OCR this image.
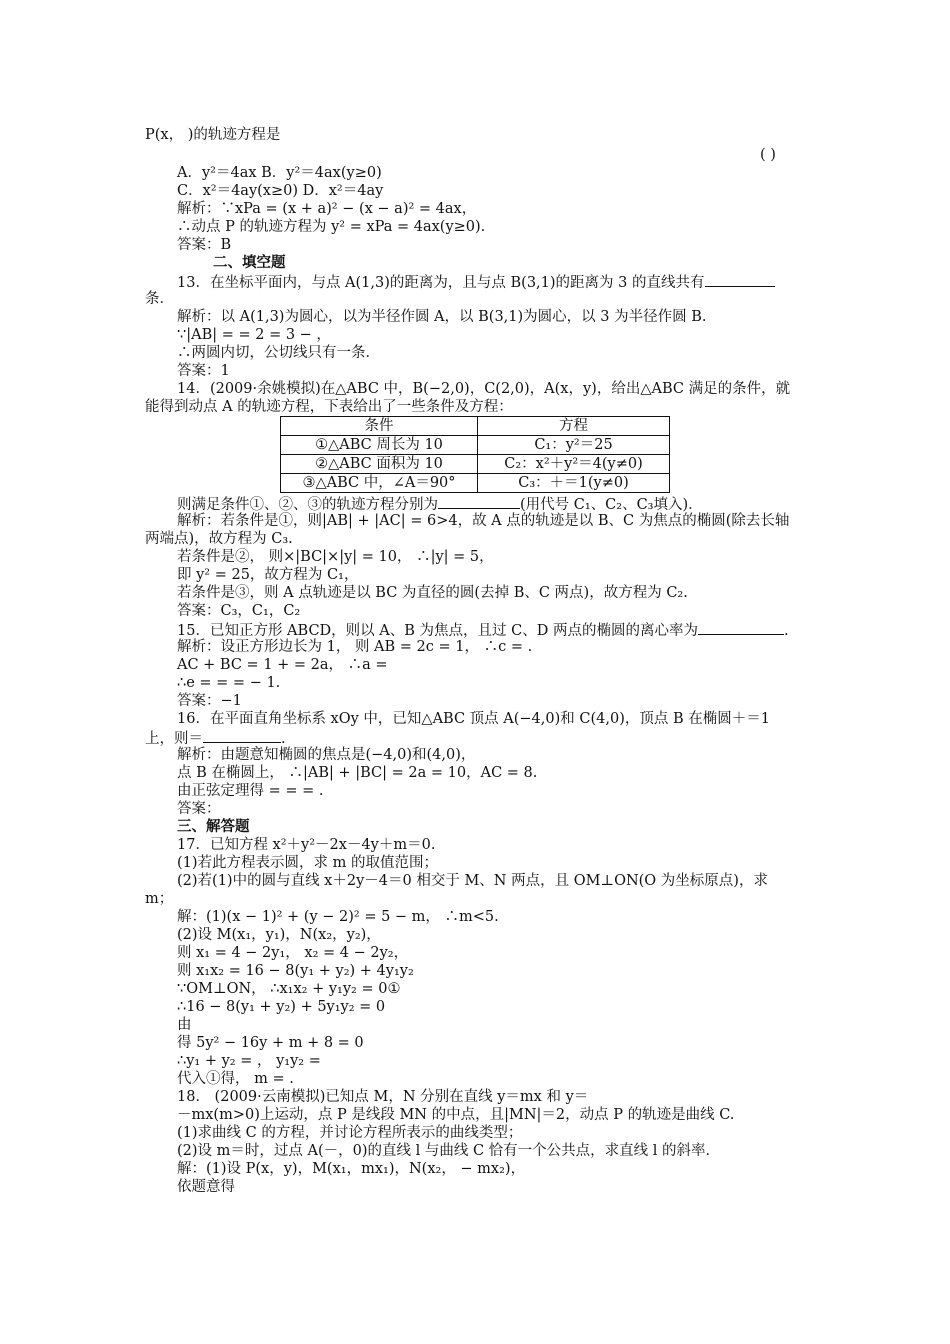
P(x， )的轨迹方程是
( )
A．y²＝4ax B．y²＝4ax(y≥0)
C．x²＝4ay(x≥0) D．x²＝4ay
解析：∵xPa = (x + a)² − (x − a)² = 4ax，
∴动点 P 的轨迹方程为 y² = xPa = 4ax(y≥0).
答案：B
二、填空题
13．在坐标平面内，与点 A(1,3)的距离为，且与点 B(3,1)的距离为 3 的直线共有
条．
解析：以 A(1,3)为圆心，以为半径作圆 A，以 B(3,1)为圆心，以 3 为半径作圆 B.
∵|AB| = = 2 = 3 − ，
∴两圆内切，公切线只有一条．
答案：1
14．(2009·余姚模拟)在△ABC 中，B(−2,0)，C(2,0)，A(x，y)，给出△ABC 满足的条件，就
能得到动点 A 的轨迹方程，下表给出了一些条件及方程：
则满足条件①、②、③的轨迹方程分别为	(用代号 C₁、C₂、C₃填入)．
解析：若条件是①，则|AB| + |AC| = 6>4，故 A 点的轨迹是以 B、C 为焦点的椭圆(除去长轴
两端点)，故方程为 C₃.
若条件是②， 则×|BC|×|y| = 10， ∴|y| = 5，
即 y² = 25，故方程为 C₁，
若条件是③，则 A 点轨迹是以 BC 为直径的圆(去掉 B、C 两点)，故方程为 C₂.
答案：C₃，C₁，C₂
15．已知正方形 ABCD，则以 A、B 为焦点，且过 C、D 两点的椭圆的离心率为	.
解析：设正方形边长为 1， 则 AB = 2c = 1， ∴c = .
AC + BC = 1 + = 2a， ∴a =
∴e = = = − 1.
答案：−1
16．在平面直角坐标系 xOy 中，已知△ABC 顶点 A(−4,0)和 C(4,0)，顶点 B 在椭圆＋＝1
上，则＝	.
解析：由题意知椭圆的焦点是(−4,0)和(4,0)，
点 B 在椭圆上， ∴|AB| + |BC| = 2a = 10，AC = 8.
由正弦定理得 = = = .
答案：
三、解答题
17．已知方程 x²＋y²－2x－4y＋m＝0.
(1)若此方程表示圆，求 m 的取值范围；
(2)若(1)中的圆与直线 x＋2y－4＝0 相交于 M、N 两点，且 OM⊥ON(O 为坐标原点)，求
m；
解：(1)(x − 1)² + (y − 2)² = 5 − m， ∴m<5.
(2)设 M(x₁，y₁)，N(x₂，y₂)，
则 x₁ = 4 − 2y₁， x₂ = 4 − 2y₂，
则 x₁x₂ = 16 − 8(y₁ + y₂) + 4y₁y₂
∵OM⊥ON， ∴x₁x₂ + y₁y₂ = 0①
∴16 − 8(y₁ + y₂) + 5y₁y₂ = 0
由
得 5y² − 16y + m + 8 = 0
∴y₁ + y₂ = ， y₁y₂ =
代入①得， m = .
18． (2009·云南模拟)已知点 M，N 分别在直线 y＝mx 和 y＝
－mx(m>0)上运动，点 P 是线段 MN 的中点，且|MN|＝2，动点 P 的轨迹是曲线 C.
(1)求曲线 C 的方程，并讨论方程所表示的曲线类型；
(2)设 m＝时，过点 A(－，0)的直线 l 与曲线 C 恰有一个公共点，求直线 l 的斜率．
解：(1)设 P(x，y)，M(x₁，mx₁)，N(x₂， − mx₂)，
依题意得
条件	方程
①△ABC 周长为 10	C₁：y²＝25
②△ABC 面积为 10	C₂：x²＋y²＝4(y≠0)
③△ABC 中，∠A＝90°	C₃：＋＝1(y≠0)
